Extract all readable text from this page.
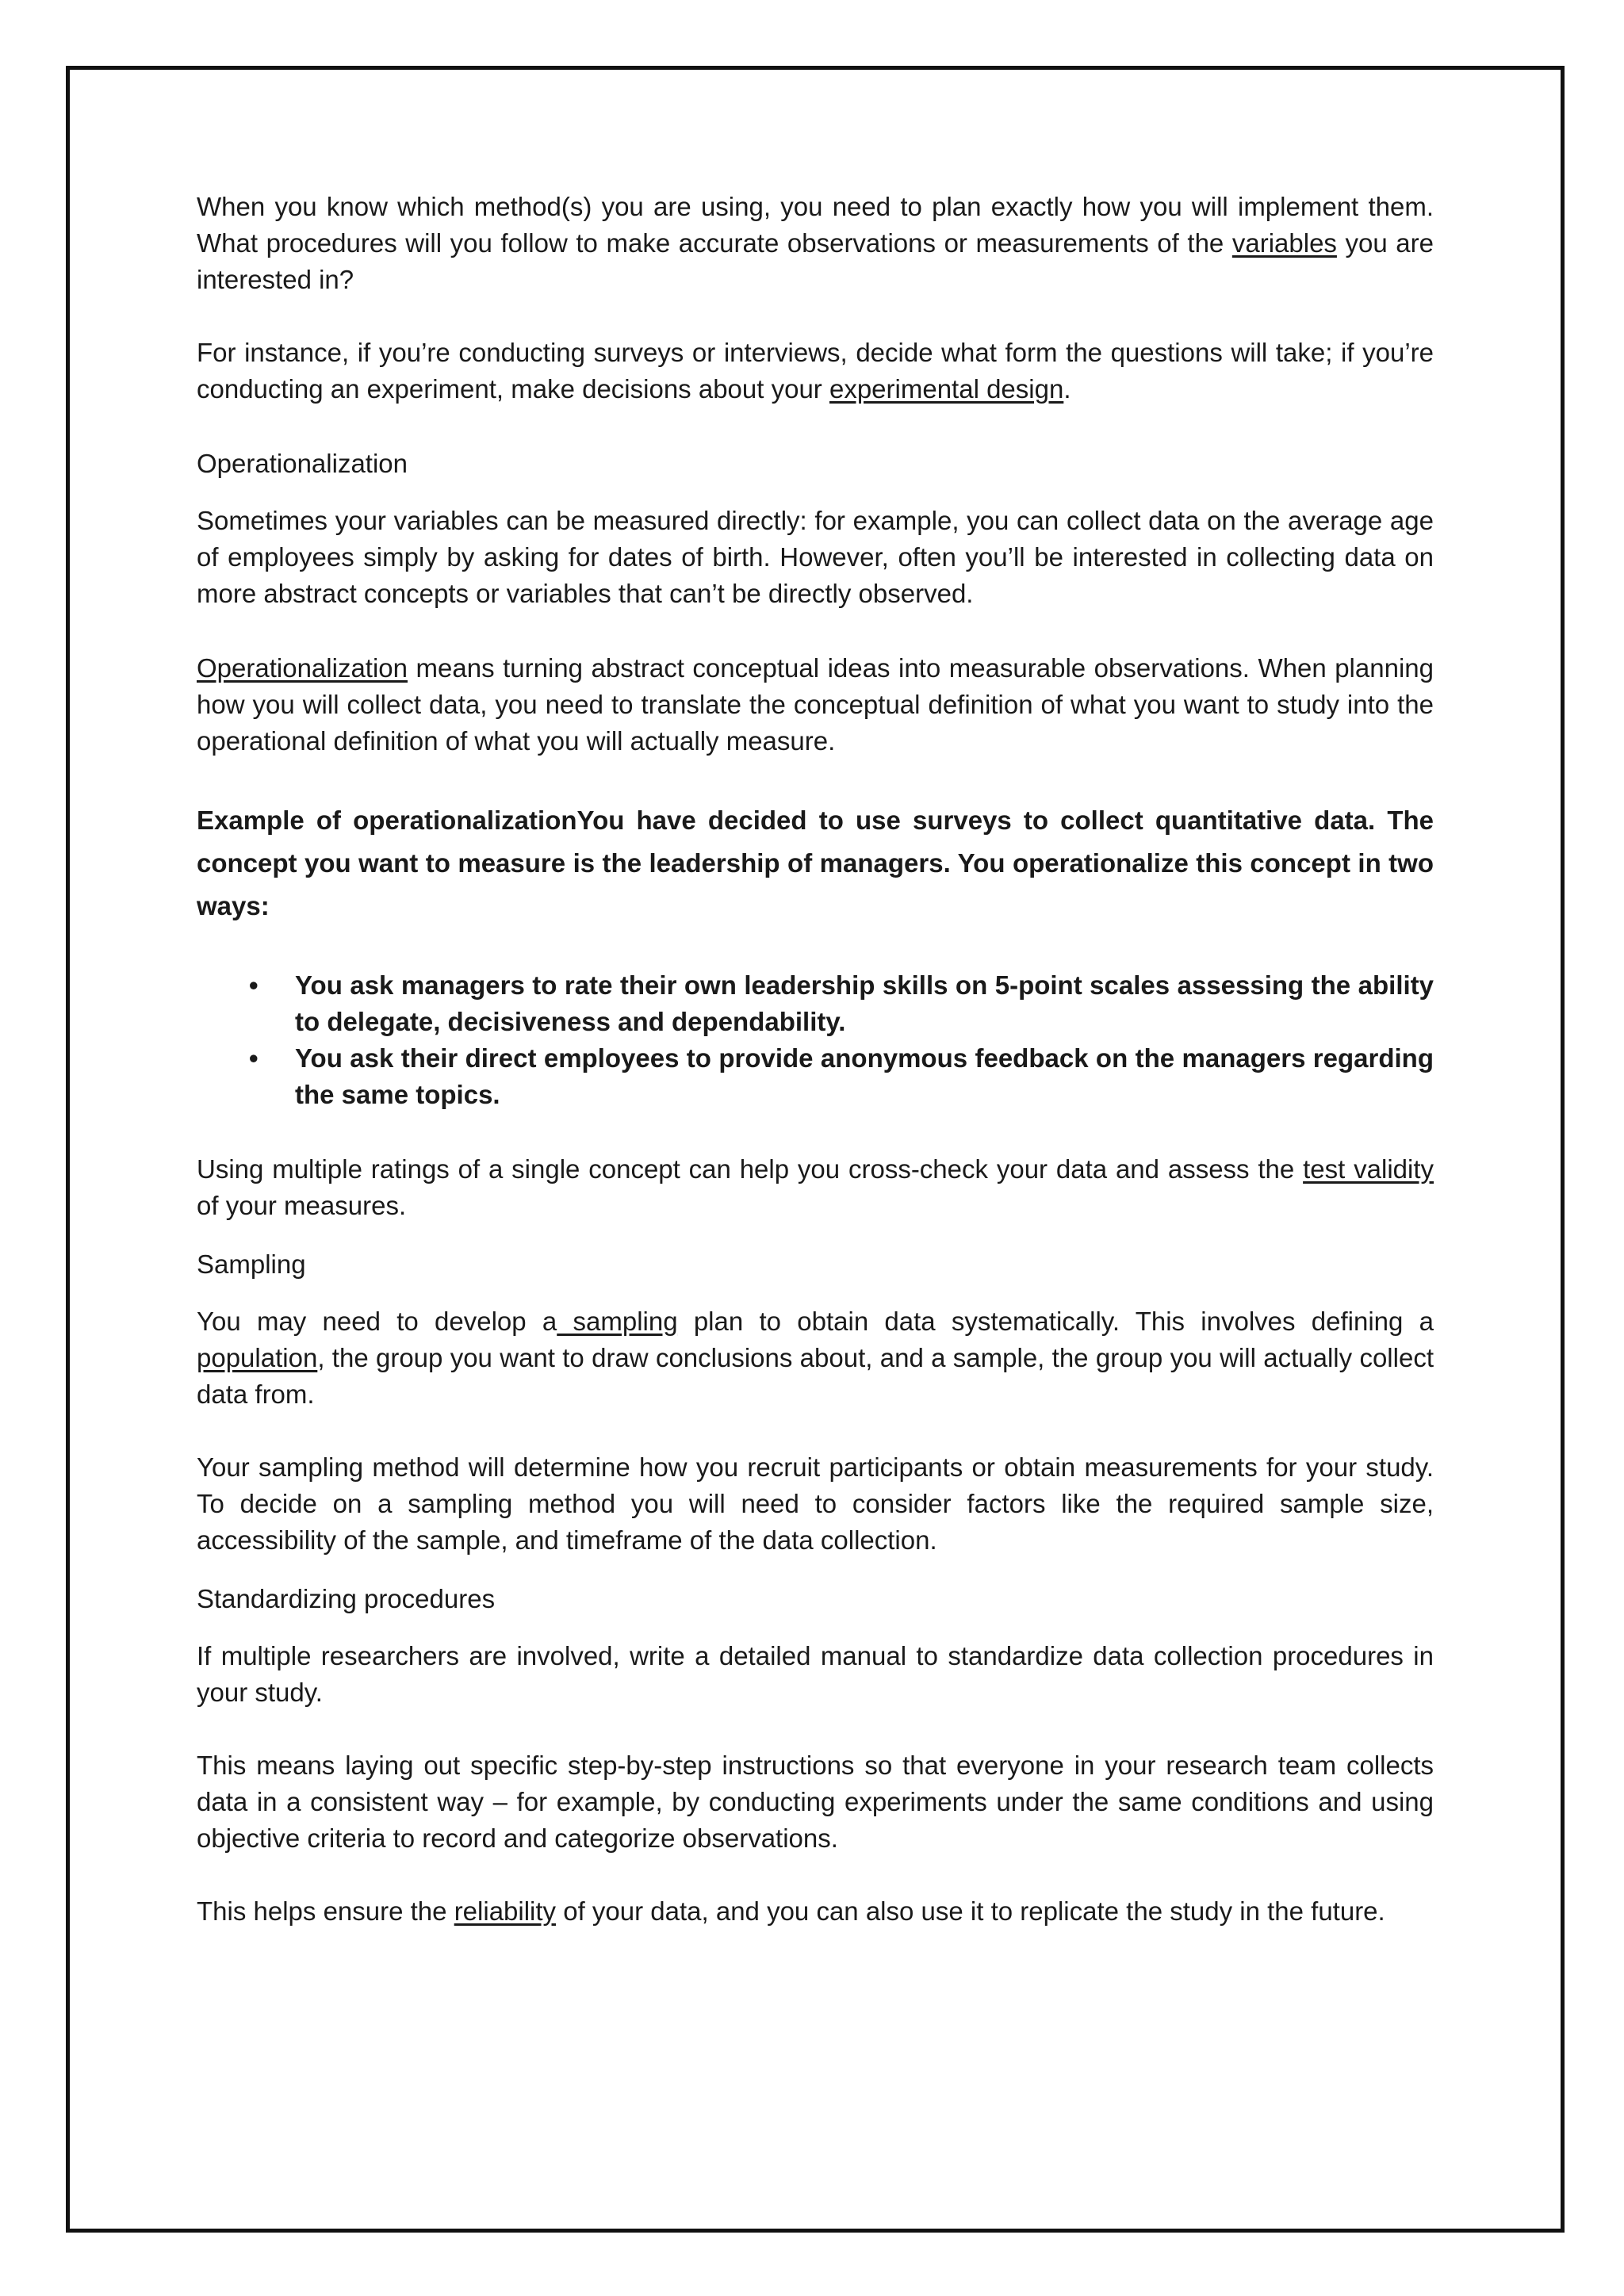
When you know which method(s) you are using, you need to plan exactly how you will implement them. What procedures will you follow to make accurate observations or measurements of the variables you are interested in?

For instance, if you’re conducting surveys or interviews, decide what form the questions will take; if you’re conducting an experiment, make decisions about your experimental design.

Operationalization

Sometimes your variables can be measured directly: for example, you can collect data on the average age of employees simply by asking for dates of birth. However, often you’ll be interested in collecting data on more abstract concepts or variables that can’t be directly observed.

Operationalization means turning abstract conceptual ideas into measurable observations. When planning how you will collect data, you need to translate the conceptual definition of what you want to study into the operational definition of what you will actually measure.

Example of operationalizationYou have decided to use surveys to collect quantitative data. The concept you want to measure is the leadership of managers. You operationalize this concept in two ways:

• You ask managers to rate their own leadership skills on 5-point scales assessing the ability to delegate, decisiveness and dependability.
• You ask their direct employees to provide anonymous feedback on the managers regarding the same topics.

Using multiple ratings of a single concept can help you cross-check your data and assess the test validity of your measures.

Sampling

You may need to develop a sampling plan to obtain data systematically. This involves defining a population, the group you want to draw conclusions about, and a sample, the group you will actually collect data from.

Your sampling method will determine how you recruit participants or obtain measurements for your study. To decide on a sampling method you will need to consider factors like the required sample size, accessibility of the sample, and timeframe of the data collection.

Standardizing procedures

If multiple researchers are involved, write a detailed manual to standardize data collection procedures in your study.

This means laying out specific step-by-step instructions so that everyone in your research team collects data in a consistent way – for example, by conducting experiments under the same conditions and using objective criteria to record and categorize observations.

This helps ensure the reliability of your data, and you can also use it to replicate the study in the future.
